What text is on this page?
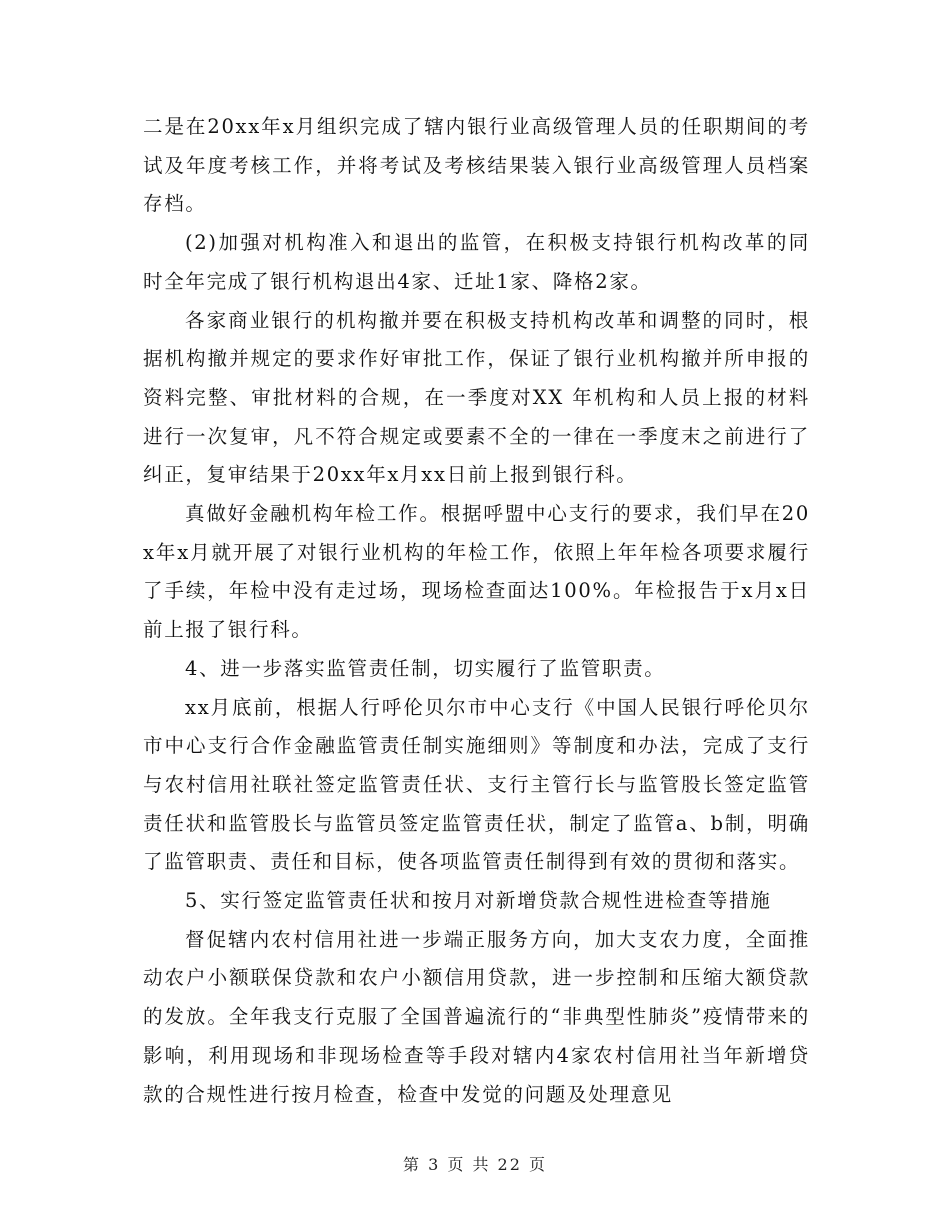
二是在20xx年x月组织完成了辖内银行业高级管理人员的任职期间的考试及年度考核工作，并将考试及考核结果装入银行业高级管理人员档案存档。

(2)加强对机构准入和退出的监管，在积极支持银行机构改革的同时全年完成了银行机构退出4家、迁址1家、降格2家。

各家商业银行的机构撤并要在积极支持机构改革和调整的同时，根据机构撤并规定的要求作好审批工作，保证了银行业机构撤并所申报的资料完整、审批材料的合规，在一季度对XX 年机构和人员上报的材料进行一次复审，凡不符合规定或要素不全的一律在一季度末之前进行了纠正，复审结果于20xx年x月xx日前上报到银行科。

真做好金融机构年检工作。根据呼盟中心支行的要求，我们早在20x年x月就开展了对银行业机构的年检工作，依照上年年检各项要求履行了手续，年检中没有走过场，现场检查面达100%。年检报告于x月x日前上报了银行科。

4、进一步落实监管责任制，切实履行了监管职责。

xx月底前，根据人行呼伦贝尔市中心支行《中国人民银行呼伦贝尔市中心支行合作金融监管责任制实施细则》等制度和办法，完成了支行与农村信用社联社签定监管责任状、支行主管行长与监管股长签定监管责任状和监管股长与监管员签定监管责任状，制定了监管a、b制，明确了监管职责、责任和目标，使各项监管责任制得到有效的贯彻和落实。

5、实行签定监管责任状和按月对新增贷款合规性进检查等措施

督促辖内农村信用社进一步端正服务方向，加大支农力度，全面推动农户小额联保贷款和农户小额信用贷款，进一步控制和压缩大额贷款的发放。全年我支行克服了全国普遍流行的“非典型性肺炎”疫情带来的影响，利用现场和非现场检查等手段对辖内4家农村信用社当年新增贷款的合规性进行按月检查，检查中发觉的问题及处理意见

第 3 页 共 22 页
